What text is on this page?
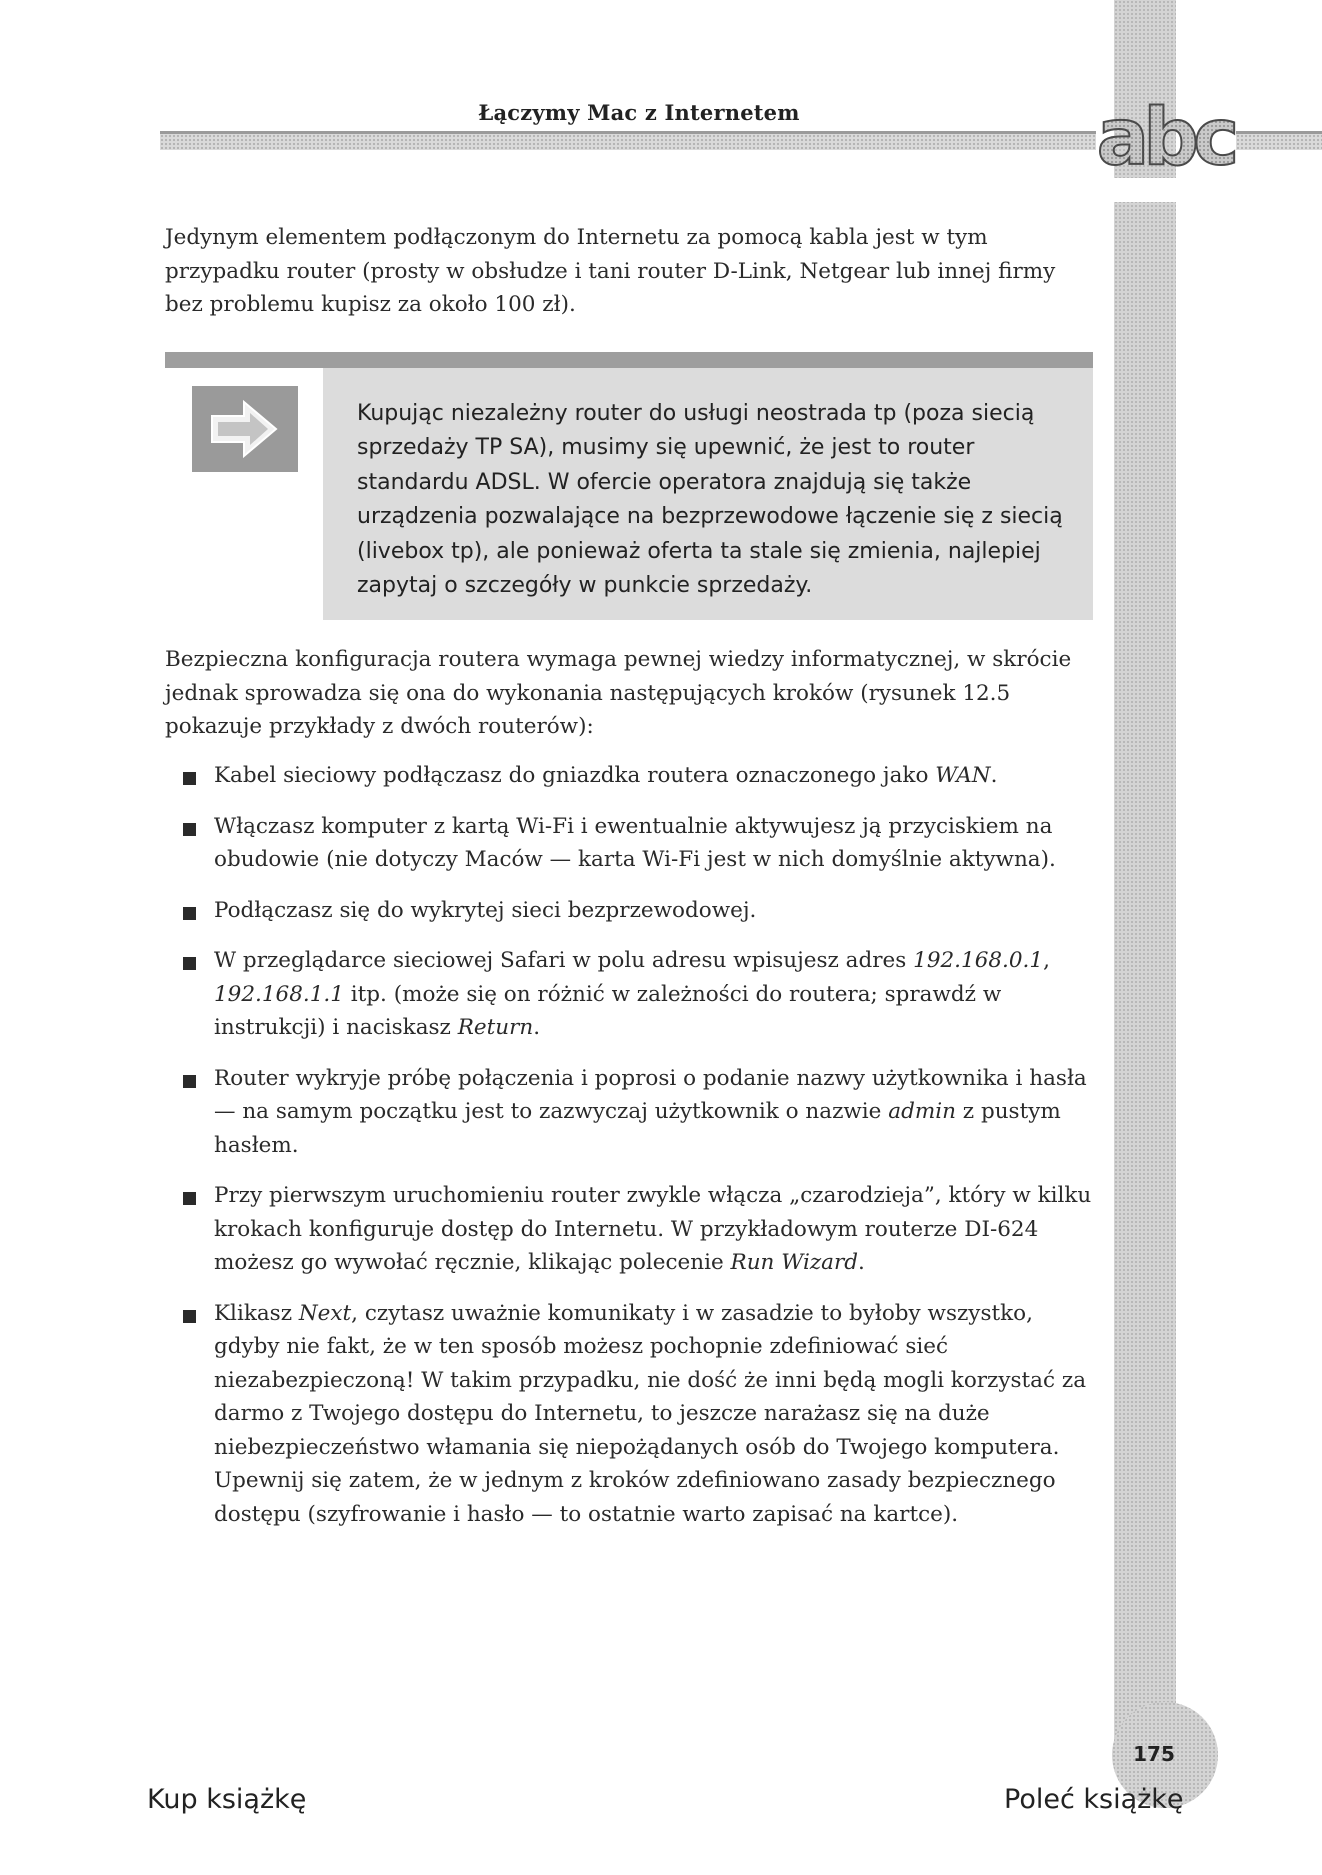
Łączymy Mac z Internetem	abc

Jedynym elementem podłączonym do Internetu za pomocą kabla jest w tym przypadku router (prosty w obsłudze i tani router D-Link, Netgear lub innej firmy bez problemu kupisz za około 100 zł).

Kupując niezależny router do usługi neostrada tp (poza siecią sprzedaży TP SA), musimy się upewnić, że jest to router standardu ADSL. W ofercie operatora znajdują się także urządzenia pozwalające na bezprzewodowe łączenie się z siecią (livebox tp), ale ponieważ oferta ta stale się zmienia, najlepiej zapytaj o szczegóły w punkcie sprzedaży.

Bezpieczna konfiguracja routera wymaga pewnej wiedzy informatycznej, w skrócie jednak sprowadza się ona do wykonania następujących kroków (rysunek 12.5 pokazuje przykłady z dwóch routerów):

Kabel sieciowy podłączasz do gniazdka routera oznaczonego jako WAN.
Włączasz komputer z kartą Wi-Fi i ewentualnie aktywujesz ją przyciskiem na obudowie (nie dotyczy Maców — karta Wi-Fi jest w nich domyślnie aktywna).
Podłączasz się do wykrytej sieci bezprzewodowej.
W przeglądarce sieciowej Safari w polu adresu wpisujesz adres 192.168.0.1, 192.168.1.1 itp. (może się on różnić w zależności do routera; sprawdź w instrukcji) i naciskasz Return.
Router wykryje próbę połączenia i poprosi o podanie nazwy użytkownika i hasła — na samym początku jest to zazwyczaj użytkownik o nazwie admin z pustym hasłem.
Przy pierwszym uruchomieniu router zwykle włącza „czarodzieja”, który w kilku krokach konfiguruje dostęp do Internetu. W przykładowym routerze DI-624 możesz go wywołać ręcznie, klikając polecenie Run Wizard.
Klikasz Next, czytasz uważnie komunikaty i w zasadzie to byłoby wszystko, gdyby nie fakt, że w ten sposób możesz pochopnie zdefiniować sieć niezabezpieczoną! W takim przypadku, nie dość że inni będą mogli korzystać za darmo z Twojego dostępu do Internetu, to jeszcze narażasz się na duże niebezpieczeństwo włamania się niepożądanych osób do Twojego komputera. Upewnij się zatem, że w jednym z kroków zdefiniowano zasady bezpiecznego dostępu (szyfrowanie i hasło — to ostatnie warto zapisać na kartce).
175
Kup książkę	Poleć książkę
